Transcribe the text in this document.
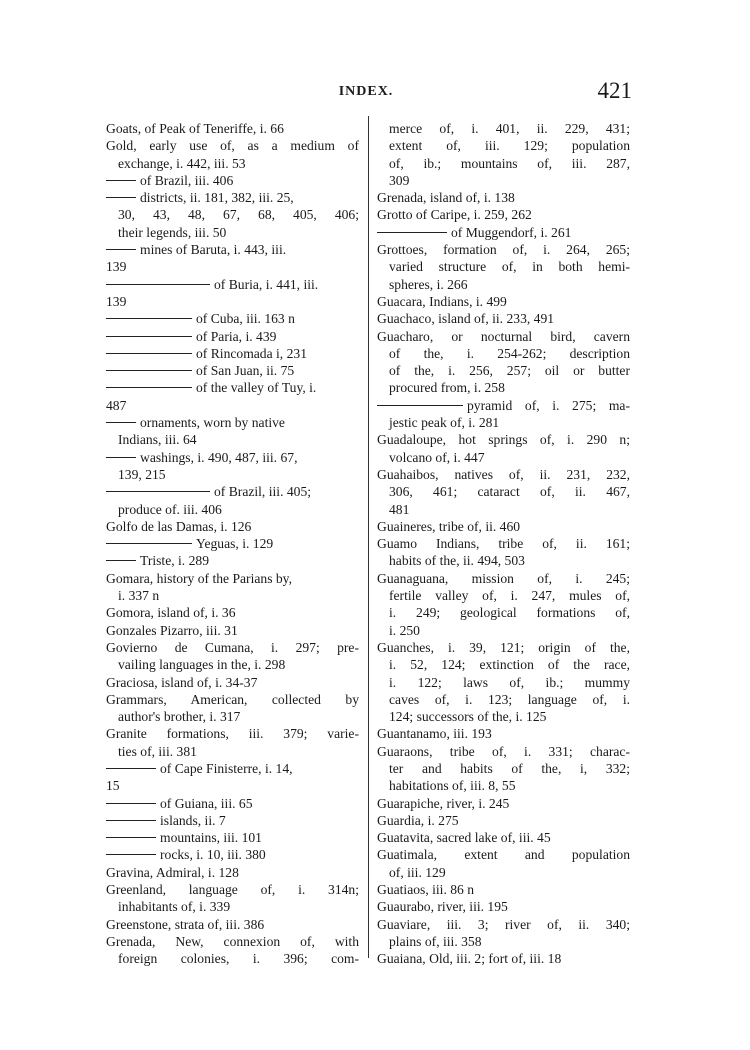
INDEX.	421
Goats, of Peak of Teneriffe, i. 66
Gold, early use of, as a medium of
exchange, i. 442, iii. 53
of Brazil, iii. 406
districts, ii. 181, 382, iii. 25,
30, 43, 48, 67, 68, 405, 406;
their legends, iii. 50
mines of Baruta, i. 443, iii.
139
of Buria, i. 441, iii.
139
of Cuba, iii. 163 n
of Paria, i. 439
of Rincomada i, 231
of San Juan, ii. 75
of the valley of Tuy, i.
487
ornaments, worn by native
Indians, iii. 64
washings, i. 490, 487, iii. 67,
139, 215
of Brazil, iii. 405;
produce of. iii. 406
Golfo de las Damas, i. 126
Yeguas, i. 129
Triste, i. 289
Gomara, history of the Parians by,
i. 337 n
Gomora, island of, i. 36
Gonzales Pizarro, iii. 31
Govierno de Cumana, i. 297; pre-
vailing languages in the, i. 298
Graciosa, island of, i. 34-37
Grammars, American, collected by
author's brother, i. 317
Granite formations, iii. 379; varie-
ties of, iii. 381
of Cape Finisterre, i. 14,
15
of Guiana, iii. 65
islands, ii. 7
mountains, iii. 101
rocks, i. 10, iii. 380
Gravina, Admiral, i. 128
Greenland, language of, i. 314n;
inhabitants of, i. 339
Greenstone, strata of, iii. 386
Grenada, New, connexion of, with
foreign colonies, i. 396; com-
merce of, i. 401, ii. 229, 431;
extent of, iii. 129; population
of, ib.; mountains of, iii. 287,
309
Grenada, island of, i. 138
Grotto of Caripe, i. 259, 262
of Muggendorf, i. 261
Grottoes, formation of, i. 264, 265;
varied structure of, in both hemi-
spheres, i. 266
Guacara, Indians, i. 499
Guachaco, island of, ii. 233, 491
Guacharo, or nocturnal bird, cavern
of the, i. 254-262; description
of the, i. 256, 257; oil or butter
procured from, i. 258
pyramid of, i. 275; ma-
jestic peak of, i. 281
Guadaloupe, hot springs of, i. 290 n;
volcano of, i. 447
Guahaibos, natives of, ii. 231, 232,
306, 461; cataract of, ii. 467,
481
Guaineres, tribe of, ii. 460
Guamo Indians, tribe of, ii. 161;
habits of the, ii. 494, 503
Guanaguana, mission of, i. 245;
fertile valley of, i. 247, mules of,
i. 249; geological formations of,
i. 250
Guanches, i. 39, 121; origin of the,
i. 52, 124; extinction of the race,
i. 122; laws of, ib.; mummy
caves of, i. 123; language of, i.
124; successors of the, i. 125
Guantanamo, iii. 193
Guaraons, tribe of, i. 331; charac-
ter and habits of the, i, 332;
habitations of, iii. 8, 55
Guarapiche, river, i. 245
Guardia, i. 275
Guatavita, sacred lake of, iii. 45
Guatimala, extent and population
of, iii. 129
Guatiaos, iii. 86 n
Guaurabo, river, iii. 195
Guaviare, iii. 3; river of, ii. 340;
plains of, iii. 358
Guaiana, Old, iii. 2; fort of, iii. 18
